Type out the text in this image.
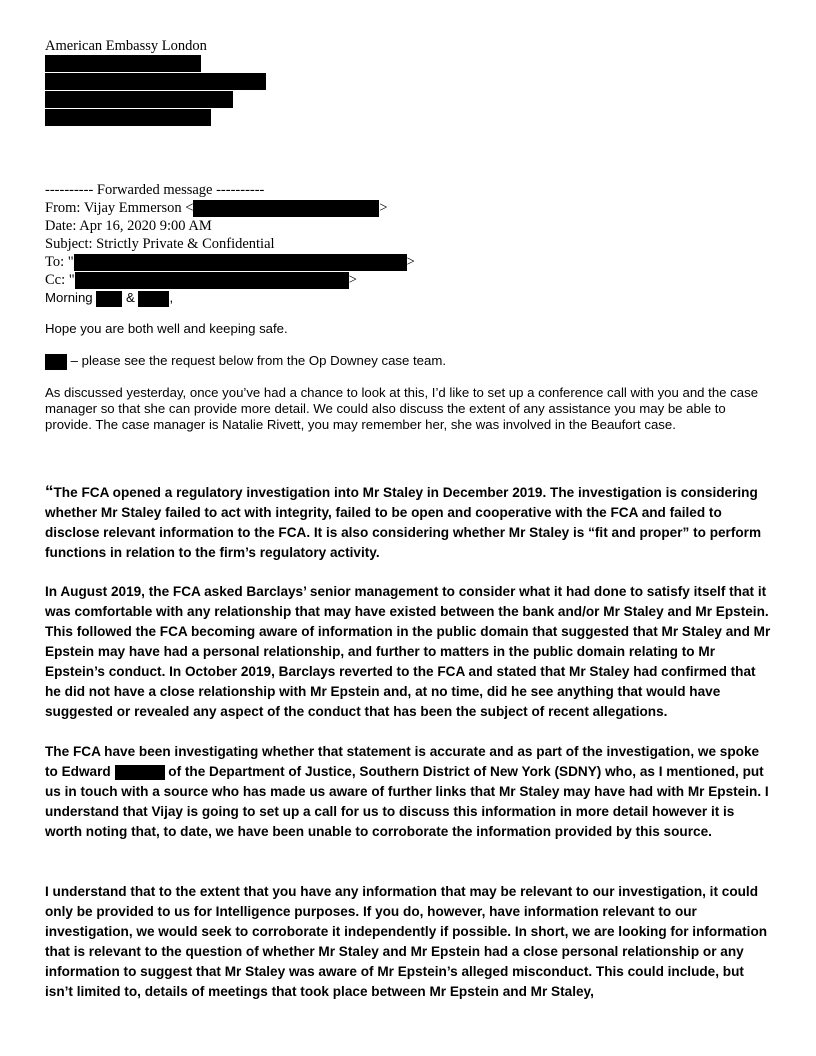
American Embassy London

---------- Forwarded message ----------

From: Vijay Emmerson <	>

Date: Apr 16, 2020 9:00 AM

Subject: Strictly Private & Confidential

To: "	>

Cc: "	>

Morning	&	,

Hope you are both well and keeping safe.

– please see the request below from the Op Downey case team.

As discussed yesterday, once you’ve had a chance to look at this, I’d like to set up a conference call with you and the case manager so that she can provide more detail. We could also discuss the extent of any assistance you may be able to provide. The case manager is Natalie Rivett, you may remember her, she was involved in the Beaufort case.

“The FCA opened a regulatory investigation into Mr Staley in December 2019. The investigation is considering whether Mr Staley failed to act with integrity, failed to be open and cooperative with the FCA and failed to disclose relevant information to the FCA. It is also considering whether Mr Staley is “fit and proper” to perform functions in relation to the firm’s regulatory activity.

In August 2019, the FCA asked Barclays’ senior management to consider what it had done to satisfy itself that it was comfortable with any relationship that may have existed between the bank and/or Mr Staley and Mr Epstein. This followed the FCA becoming aware of information in the public domain that suggested that Mr Staley and Mr Epstein may have had a personal relationship, and further to matters in the public domain relating to Mr Epstein’s conduct. In October 2019, Barclays reverted to the FCA and stated that Mr Staley had confirmed that he did not have a close relationship with Mr Epstein and, at no time, did he see anything that would have suggested or revealed any aspect of the conduct that has been the subject of recent allegations.

The FCA have been investigating whether that statement is accurate and as part of the investigation, we spoke to Edward	of the Department of Justice, Southern District of New York (SDNY) who, as I mentioned, put us in touch with a source who has made us aware of further links that Mr Staley may have had with Mr Epstein. I understand that Vijay is going to set up a call for us to discuss this information in more detail however it is worth noting that, to date, we have been unable to corroborate the information provided by this source.

I understand that to the extent that you have any information that may be relevant to our investigation, it could only be provided to us for Intelligence purposes. If you do, however, have information relevant to our investigation, we would seek to corroborate it independently if possible. In short, we are looking for information that is relevant to the question of whether Mr Staley and Mr Epstein had a close personal relationship or any information to suggest that Mr Staley was aware of Mr Epstein’s alleged misconduct. This could include, but isn’t limited to, details of meetings that took place between Mr Epstein and Mr Staley,
